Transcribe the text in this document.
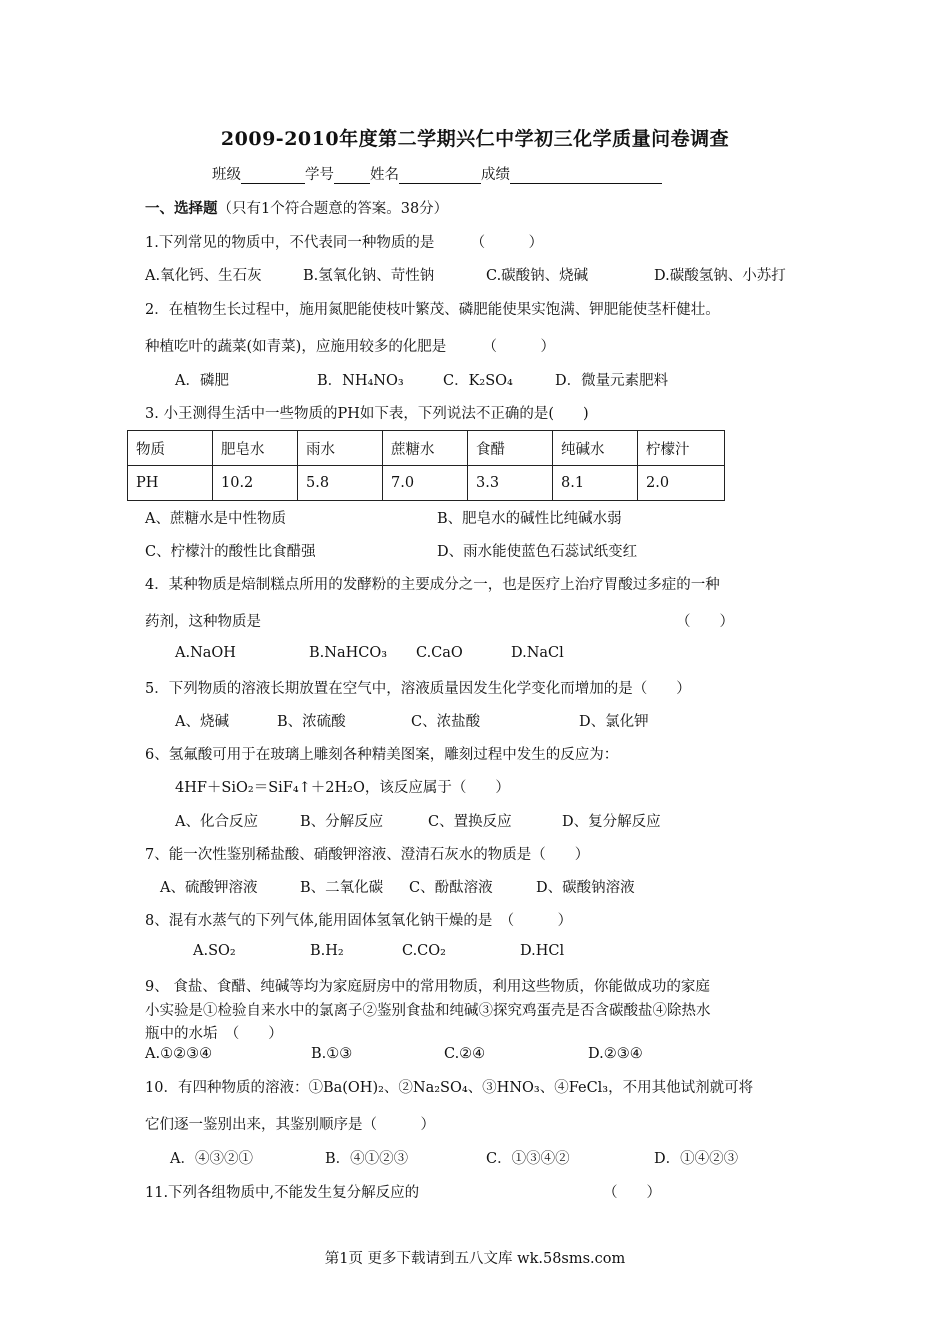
2009-2010年度第二学期兴仁中学初三化学质量问卷调查
班级	学号 姓名	成绩
一、选择题（只有1个符合题意的答案。38分）
1.下列常见的物质中，不代表同一种物质的是　　　（　　　）
A.氧化钙、生石灰	B.氢氧化钠、苛性钠	C.碳酸钠、烧碱	D.碳酸氢钠、小苏打
2．在植物生长过程中，施用氮肥能使枝叶繁茂、磷肥能使果实饱满、钾肥能使茎杆健壮。
种植吃叶的蔬菜(如青菜)，应施用较多的化肥是　　　（　　　）
A．磷肥	B．NH₄NO₃	C．K₂SO₄	D．微量元素肥料
3. 小王测得生活中一些物质的PH如下表，下列说法不正确的是(　　)
物质	肥皂水	雨水	蔗糖水	食醋	纯碱水	柠檬汁
PH	10.2	5.8	7.0	3.3	8.1	2.0
A、蔗糖水是中性物质	B、肥皂水的碱性比纯碱水弱
C、柠檬汁的酸性比食醋强	D、雨水能使蓝色石蕊试纸变红
4．某种物质是焙制糕点所用的发酵粉的主要成分之一，也是医疗上治疗胃酸过多症的一种
药剂，这种物质是	（　　）
A.NaOH	B.NaHCO₃ C.CaO	D.NaCl
5．下列物质的溶液长期放置在空气中，溶液质量因发生化学变化而增加的是（　　）
A、烧碱	B、浓硫酸	C、浓盐酸	D、氯化钾
6、氢氟酸可用于在玻璃上雕刻各种精美图案，雕刻过程中发生的反应为：
4HF＋SiO₂＝SiF₄↑＋2H₂O，该反应属于（　　）
A、化合反应	B、分解反应	C、置换反应	D、复分解反应
7、能一次性鉴别稀盐酸、硝酸钾溶液、澄清石灰水的物质是（　　）
A、硫酸钾溶液	B、二氧化碳 C、酚酞溶液	D、碳酸钠溶液
8、混有水蒸气的下列气体,能用固体氢氧化钠干燥的是　（　　　）
A.SO₂	B.H₂	C.CO₂	D.HCl
9、 食盐、食醋、纯碱等均为家庭厨房中的常用物质，利用这些物质，你能做成功的家庭
小实验是①检验自来水中的氯离子②鉴别食盐和纯碱③探究鸡蛋壳是否含碳酸盐④除热水
瓶中的水垢　（　　）
A.①②③④	B.①③	C.②④	D.②③④
10．有四种物质的溶液：①Ba(OH)₂、②Na₂SO₄、③HNO₃、④FeCl₃，不用其他试剂就可将
它们逐一鉴别出来，其鉴别顺序是（　　　）
A．④③②①	B．④①②③	C．①③④②	D．①④②③
11.下列各组物质中,不能发生复分解反应的	（　　）
第1页 更多下载请到五八文库 wk.58sms.com
